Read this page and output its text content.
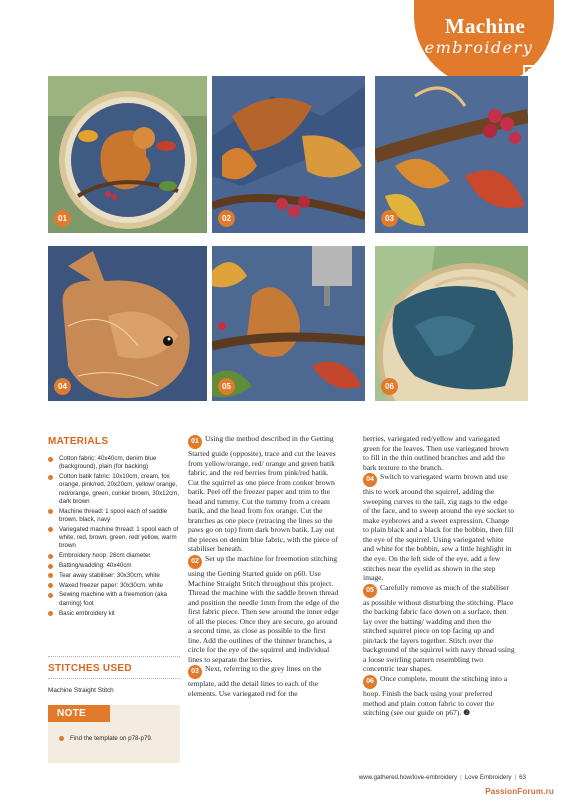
Machine
embroidery
01	02	03
04	05	06
MATERIALS
Cotton fabric: 40x40cm, denim blue (background), plain (for backing)
Cotton batik fabric: 10x10cm, cream, fox orange, pink/red, 20x20cm, yellow/ orange, red/orange, green, conker brown, 30x12cm, dark brown
Machine thread: 1 spool each of saddle brown, black, navy
Variegated machine thread: 1 spool each of white, red, brown, green, red/ yellow, warm brown
Embroidery hoop: 26cm diameter
Batting/wadding: 40x40cm
Tear away stabiliser: 30x30cm, white
Waxed freezer paper: 30x30cm, white
Sewing machine with a freemotion (aka darning) foot
Basic embroidery kit
STITCHES USED
Machine Straight Stitch
NOTE
Find the template on p78-p79.

01 Using the method described in the Getting Started guide (opposite), trace and cut the leaves from yellow/orange, red/ orange and green batik fabric, and the red berries from pink/red batik. Cut the squirrel as one piece from conker brown batik. Peel off the freezer paper and trim to the head and tummy. Cut the tummy from a cream batik, and the head from fox orange. Cut the branches as one piece (retracing the lines so the paws go on top) from dark brown batik. Lay out the pieces on denim blue fabric, with the piece of stabiliser beneath.

02 Set up the machine for freemotion stitching using the Getting Started guide on p60. Use Machine Straight Stitch throughout this project. Thread the machine with the saddle brown thread and position the needle 1mm from the edge of the first fabric piece. Then sew around the inner edge of all the pieces. Once they are secure, go around a second time, as close as possible to the first line. Add the outlines of the thinner branches, a circle for the eye of the squirrel and individual lines to separate the berries.

03 Next, referring to the grey lines on the template, add the detail lines to each of the elements. Use variegated red for the

berries, variegated red/yellow and variegated green for the leaves. Then use variegated brown to fill in the thin outlined branches and add the bark texture to the branch.

04 Switch to variegated warm brown and use this to work around the squirrel, adding the sweeping curves to the tail, zig zags to the edge of the face, and to sweep around the eye socket to make eyebrows and a sweet expression. Change to plain black and a black for the bobbin, then fill the eye of the squirrel. Using variegated white and white for the bobbin, sew a little highlight in the eye. On the left side of the eye, add a few stitches near the eyelid as shown in the step image.

05 Carefully remove as much of the stabiliser as possible without disturbing the stitching. Place the backing fabric face down on a surface, then lay over the batting/ wadding and then the stitched squirrel piece on top facing up and pin/tack the layers together. Stitch over the background of the squirrel with navy thread using a loose swirling pattern resembling two concentric tear shapes.

06 Once complete, mount the stitching into a hoop. Finish the back using your preferred method and plain cotton fabric to cover the stitching (see our guide on p67). ❷

www.gathered.how/love-embroidery | Love Embroidery | 63
PassionForum.ru
